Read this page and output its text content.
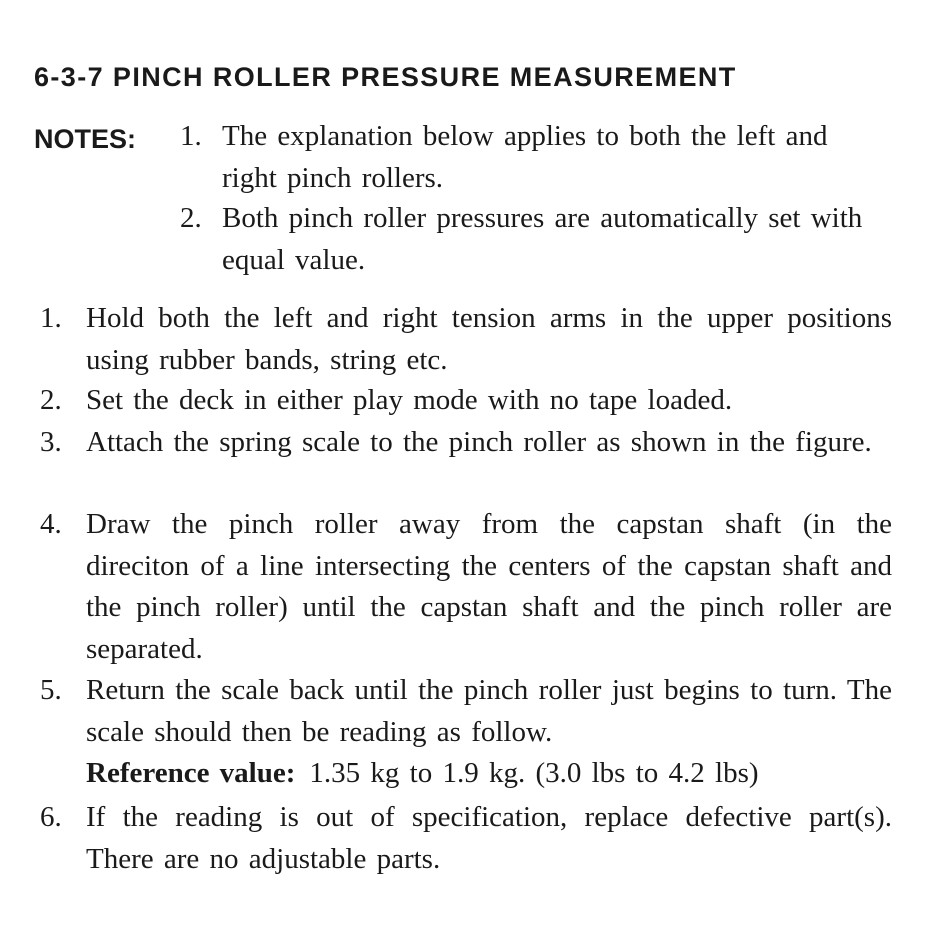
6-3-7 PINCH ROLLER PRESSURE MEASUREMENT
NOTES: 1. The explanation below applies to both the left and right pinch rollers.
2. Both pinch roller pressures are automatically set with equal value.
1. Hold both the left and right tension arms in the upper positions using rubber bands, string etc.
2. Set the deck in either play mode with no tape loaded.
3. Attach the spring scale to the pinch roller as shown in the figure.
4. Draw the pinch roller away from the capstan shaft (in the direciton of a line intersecting the centers of the capstan shaft and the pinch roller) until the capstan shaft and the pinch roller are separated.
5. Return the scale back until the pinch roller just begins to turn. The scale should then be reading as follow.
Reference value: 1.35 kg to 1.9 kg. (3.0 lbs to 4.2 lbs)
6. If the reading is out of specification, replace defective part(s). There are no adjustable parts.
